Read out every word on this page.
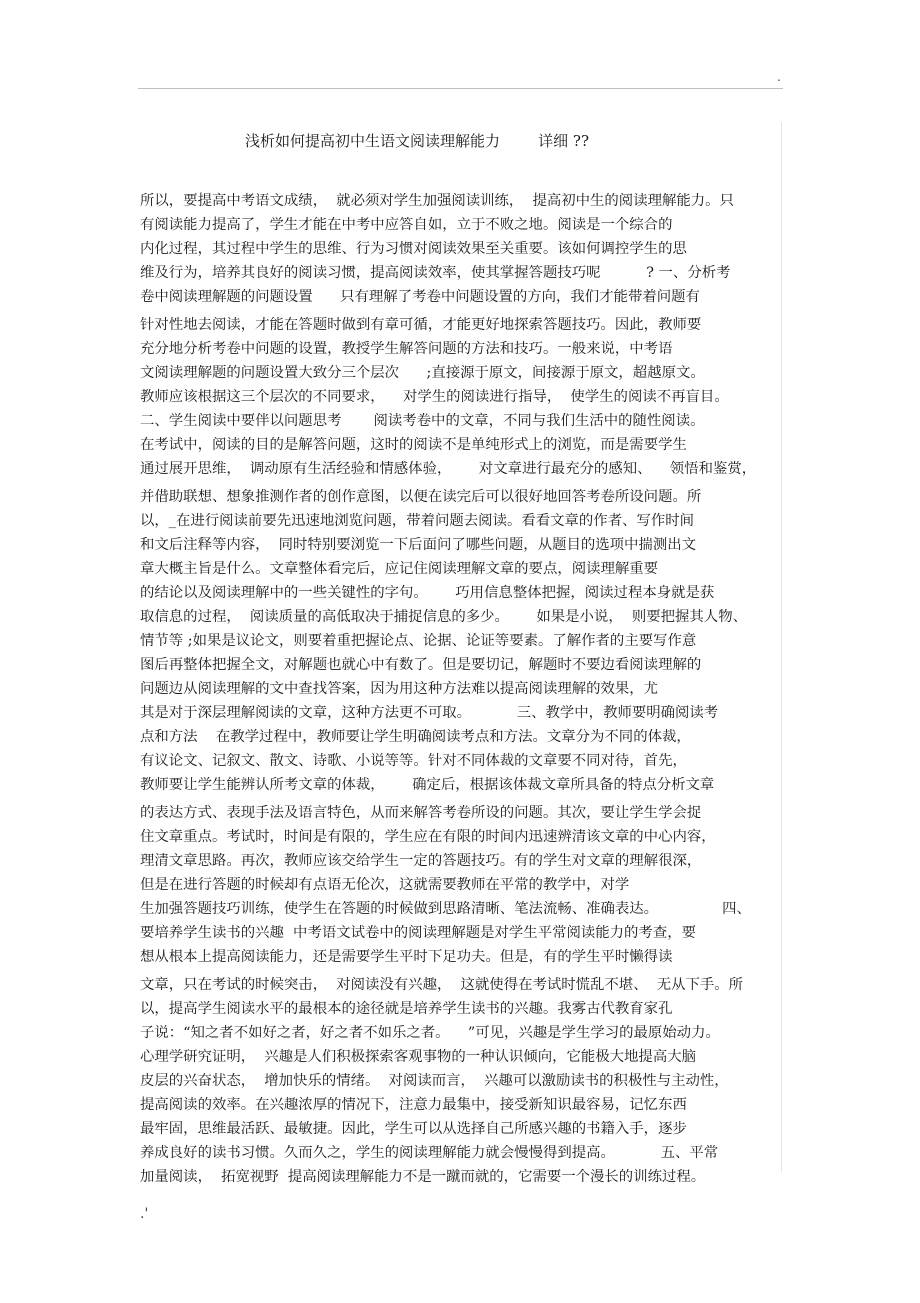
.
浅析如何提高初中生语文阅读理解能力        详细 ??
所以，要提高中考语文成绩，  就必须对学生加强阅读训练，  提高初中生的阅读理解能力。只
有阅读能力提高了，学生才能在中考中应答自如，立于不败之地。阅读是一个综合的
内化过程，其过程中学生的思维、行为习惯对阅读效果至关重要。该如何调控学生的思
维及行为，培养其良好的阅读习惯，提高阅读效率，使其掌握答题技巧呢          ? 一、分析考
卷中阅读理解题的问题设置      只有理解了考卷中问题设置的方向，我们才能带着问题有
针对性地去阅读，才能在答题时做到有章可循，才能更好地探索答题技巧。因此，教师要
充分地分析考卷中问题的设置，教授学生解答问题的方法和技巧。一般来说，中考语
文阅读理解题的问题设置大致分三个层次      ;直接源于原文，间接源于原文，超越原文。
教师应该根据这三个层次的不同要求，    对学生的阅读进行指导，  使学生的阅读不再盲目。
二、学生阅读中要伴以问题思考       阅读考卷中的文章，不同与我们生活中的随性阅读。
在考试中，阅读的目的是解答问题，这时的阅读不是单纯形式上的浏览，而是需要学生
通过展开思维，  调动原有生活经验和情感体验，      对文章进行最充分的感知、    领悟和鉴赏，
并借助联想、想象推测作者的创作意图，以便在读完后可以很好地回答考卷所设问题。所
以，_在进行阅读前要先迅速地浏览问题，带着问题去阅读。看看文章的作者、写作时间
和文后注释等内容，  同时特别要浏览一下后面问了哪些问题，从题目的选项中揣测出文
章大概主旨是什么。文章整体看完后，应记住阅读理解文章的要点，阅读理解重要
的结论以及阅读理解中的一些关键性的字句。      巧用信息整体把握，阅读过程本身就是获
取信息的过程，  阅读质量的高低取决于捕捉信息的多少。      如果是小说，  则要把握其人物、
情节等 ;如果是议论文，则要着重把握论点、论据、论证等要素。了解作者的主要写作意
图后再整体把握全文，对解题也就心中有数了。但是要切记，解题时不要边看阅读理解的
问题边从阅读理解的文中查找答案，因为用这种方法难以提高阅读理解的效果，尤
其是对于深层理解阅读的文章，这种方法更不可取。          三、教学中，教师要明确阅读考
点和方法    在教学过程中，教师要让学生明确阅读考点和方法。文章分为不同的体裁，
有议论文、记叙文、散文、诗歌、小说等等。针对不同体裁的文章要不同对待，首先，
教师要让学生能辨认所考文章的体裁，      确定后，根据该体裁文章所具备的特点分析文章
的表达方式、表现手法及语言特色，从而来解答考卷所设的问题。其次，要让学生学会捉
住文章重点。考试时，时间是有限的，学生应在有限的时间内迅速辨清该文章的中心内容，
理清文章思路。再次，教师应该交给学生一定的答题技巧。有的学生对文章的理解很深，
但是在进行答题的时候却有点语无伦次，这就需要教师在平常的教学中，对学
生加强答题技巧训练，使学生在答题的时候做到思路清晰、笔法流畅、准确表达。              四、
要培养学生读书的兴趣  中考语文试卷中的阅读理解题是对学生平常阅读能力的考查，要
想从根本上提高阅读能力，还是需要学生平时下足功夫。但是，有的学生平时懒得读
文章，只在考试的时候突击，  对阅读没有兴趣，  这就使得在考试时慌乱不堪、  无从下手。所
以，提高学生阅读水平的最根本的途径就是培养学生读书的兴趣。我雾古代教育家孔
子说：“知之者不如好之者，好之者不如乐之者。    ”可见，兴趣是学生学习的最原始动力。
心理学研究证明，  兴趣是人们积极探索客观事物的一种认识倾向，它能极大地提高大脑
皮层的兴奋状态，  增加快乐的情绪。  对阅读而言，  兴趣可以激励读书的积极性与主动性，
提高阅读的效率。在兴趣浓厚的情况下，注意力最集中，接受新知识最容易，记忆东西
最牢固，思维最活跃、最敏捷。因此，学生可以从选择自己所感兴趣的书籍入手，逐步
养成良好的读书习惯。久而久之，学生的阅读理解能力就会慢慢得到提高。          五、平常
加量阅读，  拓宽视野  提高阅读理解能力不是一蹴而就的，它需要一个漫长的训练过程。
.'
